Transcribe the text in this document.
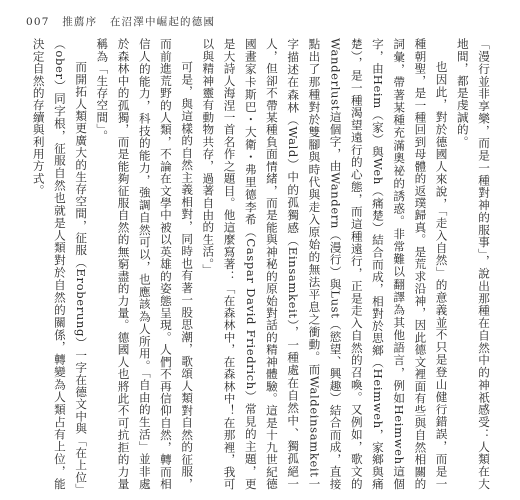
007 推薦序 在沼澤中崛起的德國

「漫行並非享樂，而是一種對神的服事」，說出那種在自然中的神祇感受：人類在大地間，都是虔誠的。

也因此，對於德國人來說，「走入自然」的意義並不只是登山健行錯誤，而是一種朝聖，是一種回到母體的返璞歸真。是荒求沿神，因此德文裡面有些與自然相關的詞彙，帶著某種充滿奧祕的誘惑。非常難以翻譯為其他語言，例如Heimweh這個字，由Heim（家）與Weh（痛楚）結合而成，相對於思鄉（Heimweh，家鄉與痛楚），是一種渴望遠行的心態，而這種遠行，正是走入自然的召喚。又例如，歌文的Wanderlust這個字，由Wandern（漫行）與Lust（慾望、興趣）結合而成，直接點出了那種對於雙腳與時代與走入原始的無法平息之衝動。而Waldeinsamkeit一字描述在森林（Wald）中的孤獨感（Einsamkeit），一種處在自然中、獨孤絕一人，但卻不帶某種負面情緒，而是能與神秘的原始對話的精神體驗。這是十九世紀德國畫家卡斯巴・大衛・弗里德李希（Caspar David Friedrich）常見的主題，更是大詩人海涅一首名作之題目。他這麼寫著：「在森林中，在森林中！在那裡，我可以與精神靈有動物共存，過著自由的生活。」

可是，與這樣的自然主義相對，同時也有著一股思潮，歌頌人類對自然的征服，而前進荒野的人類，不論在文學中被以英雄的姿態呈現。人們不再信仰自然，轉而相信人的能力，科技的能力，強調自然可以，也應該為人所用。「自由的生活」並非處於森林中的孤獨，而是能夠征服自然的無窮盡的力量。德國人也將此不可抗拒的力量稱為「生存空間」。

而開拓人類更廣大的生存空間，征服（Eroberung）一字在德文中與「在上位」（ober）同字根，征服自然也就是人類對於自然的關係，轉變為人類占有上位，能決定自然的存續與利用方式。
